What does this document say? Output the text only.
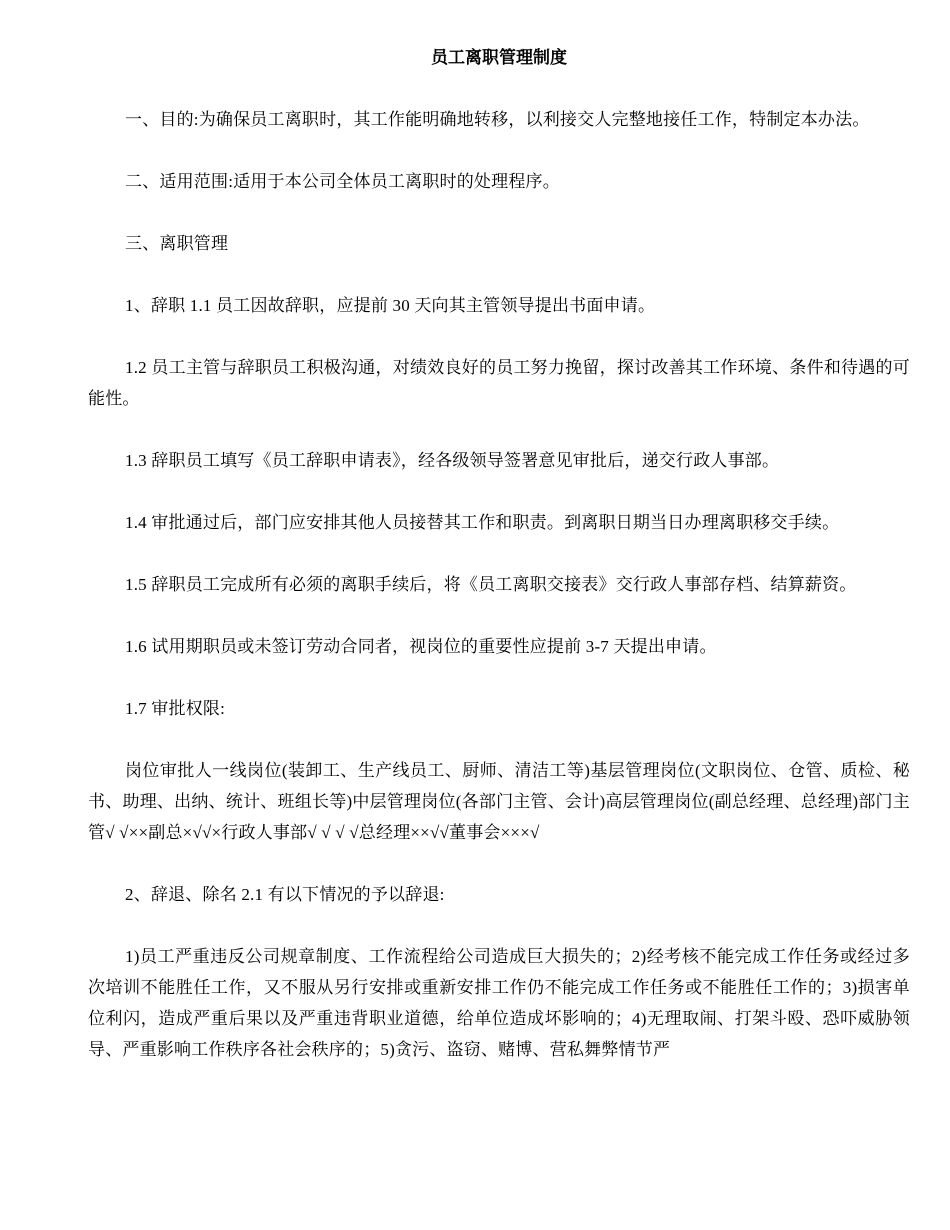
员工离职管理制度

一、目的:为确保员工离职时，其工作能明确地转移，以利接交人完整地接任工作，特制定本办法。

二、适用范围:适用于本公司全体员工离职时的处理程序。

三、离职管理

1、辞职 1.1 员工因故辞职，应提前 30 天向其主管领导提出书面申请。

1.2 员工主管与辞职员工积极沟通，对绩效良好的员工努力挽留，探讨改善其工作环境、条件和待遇的可能性。

1.3 辞职员工填写《员工辞职申请表》，经各级领导签署意见审批后，递交行政人事部。

1.4 审批通过后，部门应安排其他人员接替其工作和职责。到离职日期当日办理离职移交手续。

1.5 辞职员工完成所有必须的离职手续后，将《员工离职交接表》交行政人事部存档、结算薪资。

1.6 试用期职员或未签订劳动合同者，视岗位的重要性应提前 3-7 天提出申请。

1.7 审批权限:

岗位审批人一线岗位(装卸工、生产线员工、厨师、清洁工等)基层管理岗位(文职岗位、仓管、质检、秘书、助理、出纳、统计、班组长等)中层管理岗位(各部门主管、会计)高层管理岗位(副总经理、总经理)部门主管√ √××副总×√√×行政人事部√ √ √ √总经理××√√董事会×××√

2、辞退、除名 2.1 有以下情况的予以辞退:

1)员工严重违反公司规章制度、工作流程给公司造成巨大损失的；2)经考核不能完成工作任务或经过多次培训不能胜任工作，又不服从另行安排或重新安排工作仍不能完成工作任务或不能胜任工作的；3)损害单位利闪，造成严重后果以及严重违背职业道德，给单位造成坏影响的；4)无理取闹、打架斗殴、恐吓威胁领导、严重影响工作秩序各社会秩序的；5)贪污、盗窃、赌博、营私舞弊情节严
